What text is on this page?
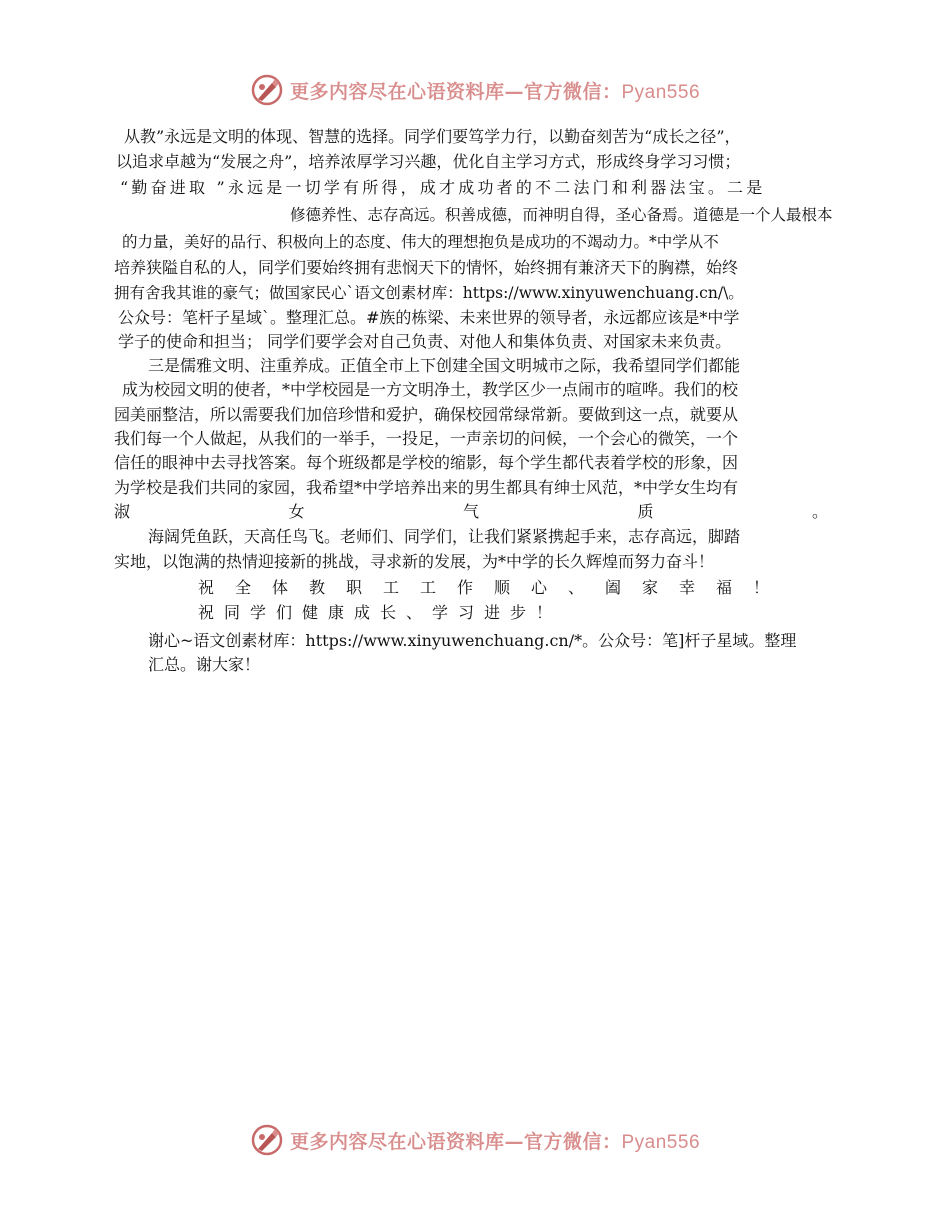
更多内容尽在心语资料库—官方微信：Pyan556
从教”永远是文明的体现、智慧的选择。同学们要笃学力行，以勤奋刻苦为“成长之径”，
以追求卓越为“发展之舟”，培养浓厚学习兴趣，优化自主学习方式，形成终身学习习惯；
“勤奋进取 ”永远是一切学有所得，成才成功者的不二法门和利器法宝。二是
修德养性、志存高远。积善成德，而神明自得，圣心备焉。道德是一个人最根本
的力量，美好的品行、积极向上的态度、伟大的理想抱负是成功的不竭动力。*中学从不
培养狭隘自私的人，同学们要始终拥有悲悯天下的情怀，始终拥有兼济天下的胸襟，始终
拥有舍我其谁的豪气；做国家民心`语文创素材库：https://www.xinyuwenchuang.cn/\。
公众号：笔杆子星域`。整理汇总。#族的栋梁、未来世界的领导者，永远都应该是*中学
学子的使命和担当； 同学们要学会对自己负责、对他人和集体负责、对国家未来负责。
三是儒雅文明、注重养成。正值全市上下创建全国文明城市之际，我希望同学们都能
成为校园文明的使者，*中学校园是一方文明净土，教学区少一点闹市的喧哗。我们的校
园美丽整洁，所以需要我们加倍珍惜和爱护，确保校园常绿常新。要做到这一点，就要从
我们每一个人做起，从我们的一举手，一投足，一声亲切的问候，一个会心的微笑，一个
信任的眼神中去寻找答案。每个班级都是学校的缩影，每个学生都代表着学校的形象，因
为学校是我们共同的家园，我希望*中学培养出来的男生都具有绅士风范，*中学女生均有
淑	女	气	质	。
海阔凭鱼跃，天高任鸟飞。老师们、同学们，让我们紧紧携起手来，志存高远，脚踏
实地，以饱满的热情迎接新的挑战，寻求新的发展，为*中学的长久辉煌而努力奋斗！
祝全体教职工工作顺心、阖家幸福！
祝同学们健康成长、学习进步！
谢心~语文创素材库：https://www.xinyuwenchuang.cn/*。公众号：笔]杆子星域。整理
汇总。谢大家！
更多内容尽在心语资料库—官方微信：Pyan556
